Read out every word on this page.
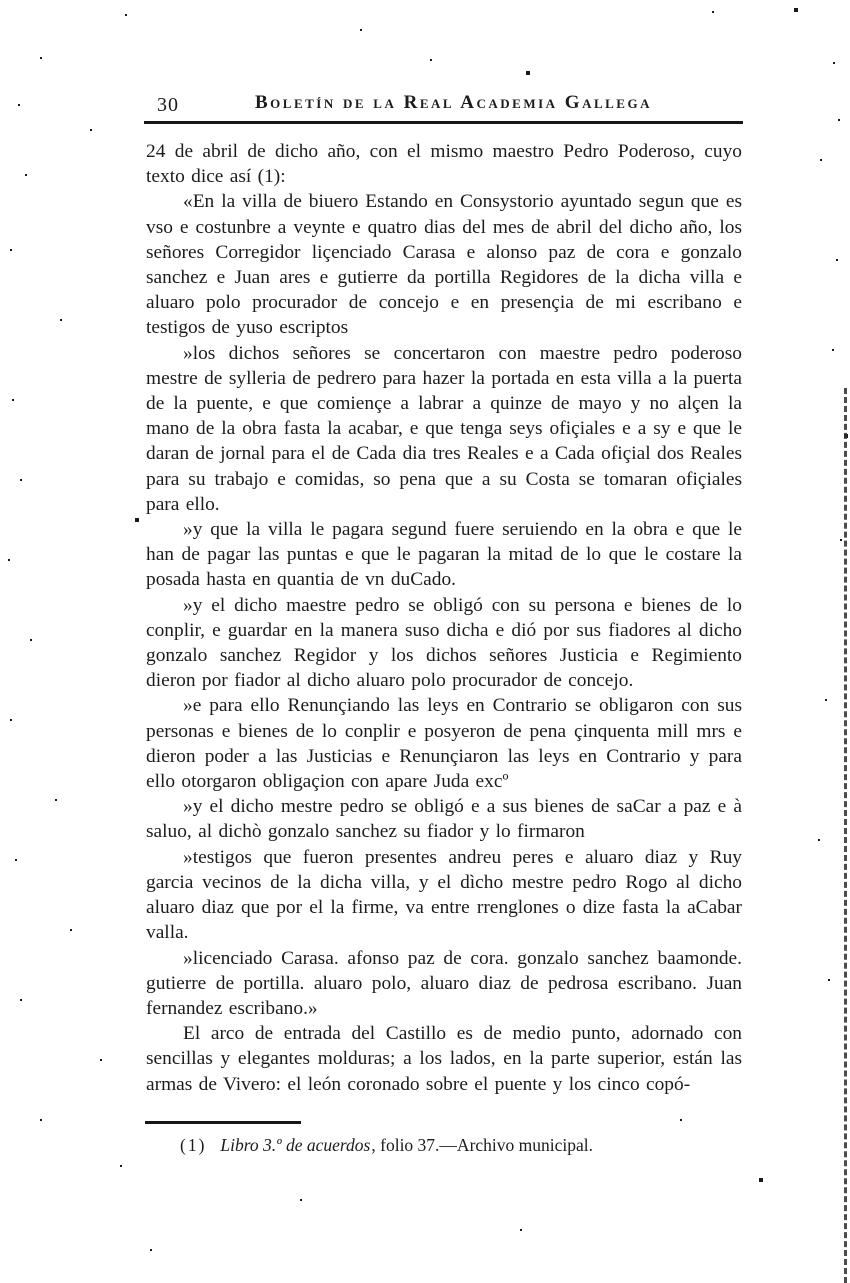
30	Boletín de la Real Academia Gallega

24 de abril de dicho año, con el mismo maestro Pedro Poderoso, cuyo texto dice así (1):

«En la villa de biuero Estando en Consystorio ayuntado segun que es vso e costunbre a veynte e quatro dias del mes de abril del dicho año, los señores Corregidor liçenciado Carasa e alonso paz de cora e gonzalo sanchez e Juan ares e gutierre da portilla Regidores de la dicha villa e aluaro polo procurador de concejo e en presençia de mi escribano e testigos de yuso escriptos

»los dichos señores se concertaron con maestre pedro poderoso mestre de sylleria de pedrero para hazer la portada en esta villa a la puerta de la puente, e que comiençe a labrar a quinze de mayo y no alçen la mano de la obra fasta la acabar, e que tenga seys ofiçiales e a sy e que le daran de jornal para el de Cada dia tres Reales e a Cada ofiçial dos Reales para su trabajo e comidas, so pena que a su Costa se tomaran ofiçiales para ello.

»y que la villa le pagara segund fuere seruiendo en la obra e que le han de pagar las puntas e que le pagaran la mitad de lo que le costare la posada hasta en quantia de vn duCado.

»y el dicho maestre pedro se obligó con su persona e bienes de lo conplir, e guardar en la manera suso dicha e dió por sus fiadores al dicho gonzalo sanchez Regidor y los dichos señores Justicia e Regimiento dieron por fiador al dicho aluaro polo procurador de concejo.

»e para ello Renunçiando las leys en Contrario se obligaron con sus personas e bienes de lo conplir e posyeron de pena çinquenta mill mrs e dieron poder a las Justicias e Renunçiaron las leys en Contrario y para ello otorgaron obligaçion con apare Juda excº

»y el dicho mestre pedro se obligó e a sus bienes de saCar a paz e à saluo, al dichò gonzalo sanchez su fiador y lo firmaron

»testigos que fueron presentes andreu peres e aluaro diaz y Ruy garcia vecinos de la dicha villa, y el dìcho mestre pedro Rogo al dicho aluaro diaz que por el la firme, va entre rrenglones o dize fasta la aCabar valla.

»licenciado Carasa. afonso paz de cora. gonzalo sanchez baamonde. gutierre de portilla. aluaro polo, aluaro diaz de pedrosa escribano. Juan fernandez escribano.»

El arco de entrada del Castillo es de medio punto, adornado con sencillas y elegantes molduras; a los lados, en la parte superior, están las armas de Vivero: el león coronado sobre el puente y los cinco copó-

(1) Libro 3.º de acuerdos, folio 37.—Archivo municipal.
